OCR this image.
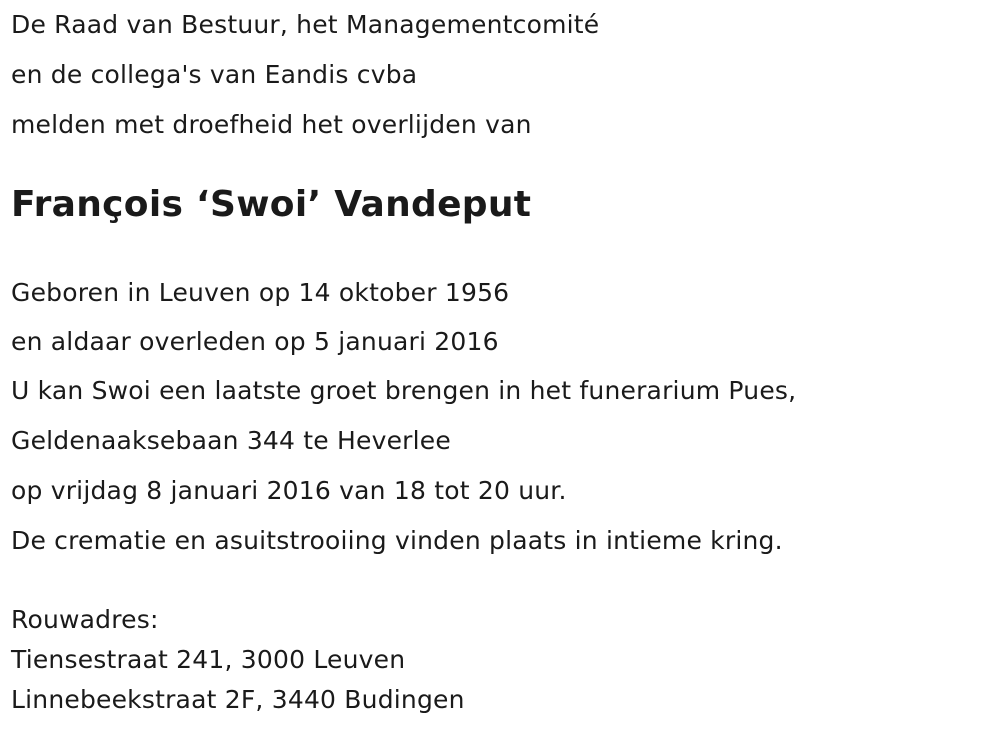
De Raad van Bestuur, het Managementcomité
en de collega's van Eandis cvba
melden met droefheid het overlijden van
François ‘Swoi’ Vandeput
Geboren in Leuven op 14 oktober 1956
en aldaar overleden op 5 januari 2016
U kan Swoi een laatste groet brengen in het funerarium Pues,
Geldenaaksebaan 344 te Heverlee
op vrijdag 8 januari 2016 van 18 tot 20 uur.
De crematie en asuitstrooiing vinden plaats in intieme kring.
Rouwadres:
Tiensestraat 241, 3000 Leuven
Linnebeekstraat 2F, 3440 Budingen
